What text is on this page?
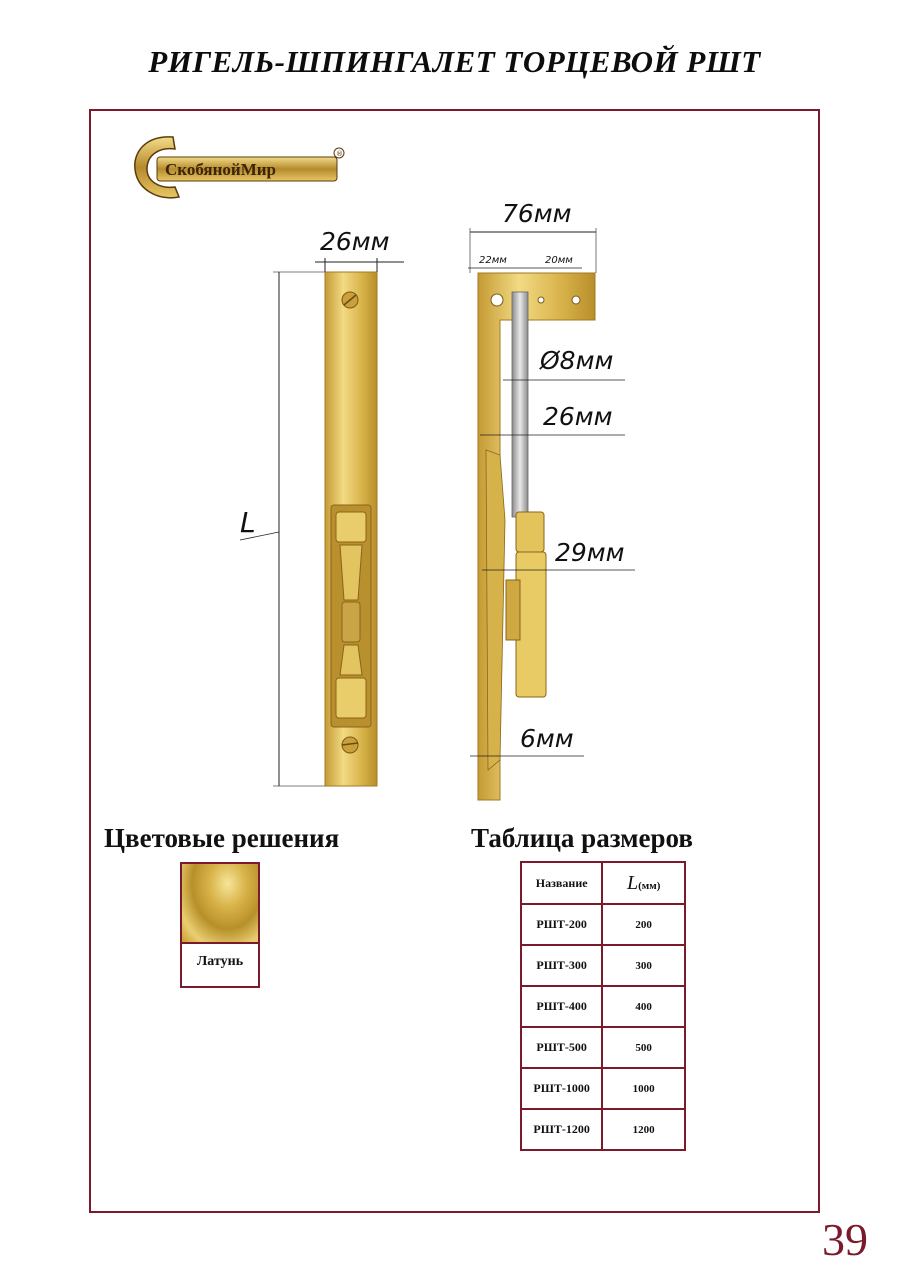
РИГЕЛЬ-ШПИНГАЛЕТ ТОРЦЕВОЙ РШТ
СкобянойМир
®
26мм
L
76мм
22мм	20мм
Ø8мм
26мм
29мм
6мм
Цветовые решения
Латунь
Таблица размеров
Название	L(мм)
РШТ-200	200
РШТ-300	300
РШТ-400	400
РШТ-500	500
РШТ-1000	1000
РШТ-1200	1200
39
